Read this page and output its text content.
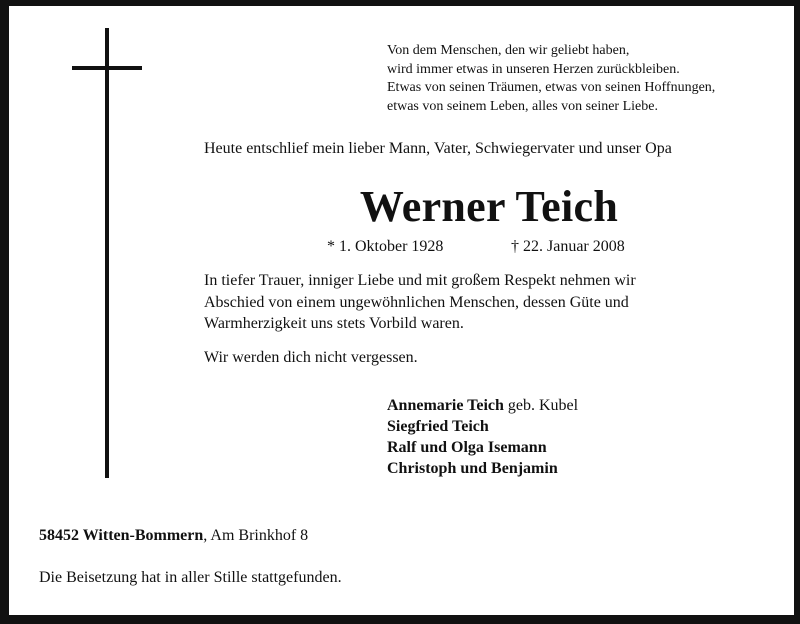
Von dem Menschen, den wir geliebt haben,
wird immer etwas in unseren Herzen zurückbleiben.
Etwas von seinen Träumen, etwas von seinen Hoffnungen,
etwas von seinem Leben, alles von seiner Liebe.
Heute entschlief mein lieber Mann, Vater, Schwiegervater und unser Opa
Werner Teich
* 1. Oktober 1928	† 22. Januar 2008
In tiefer Trauer, inniger Liebe und mit großem Respekt nehmen wir
Abschied von einem ungewöhnlichen Menschen, dessen Güte und
Warmherzigkeit uns stets Vorbild waren.
Wir werden dich nicht vergessen.
Annemarie Teich geb. Kubel
Siegfried Teich
Ralf und Olga Isemann
Christoph und Benjamin
58452 Witten-Bommern, Am Brinkhof 8
Die Beisetzung hat in aller Stille stattgefunden.
